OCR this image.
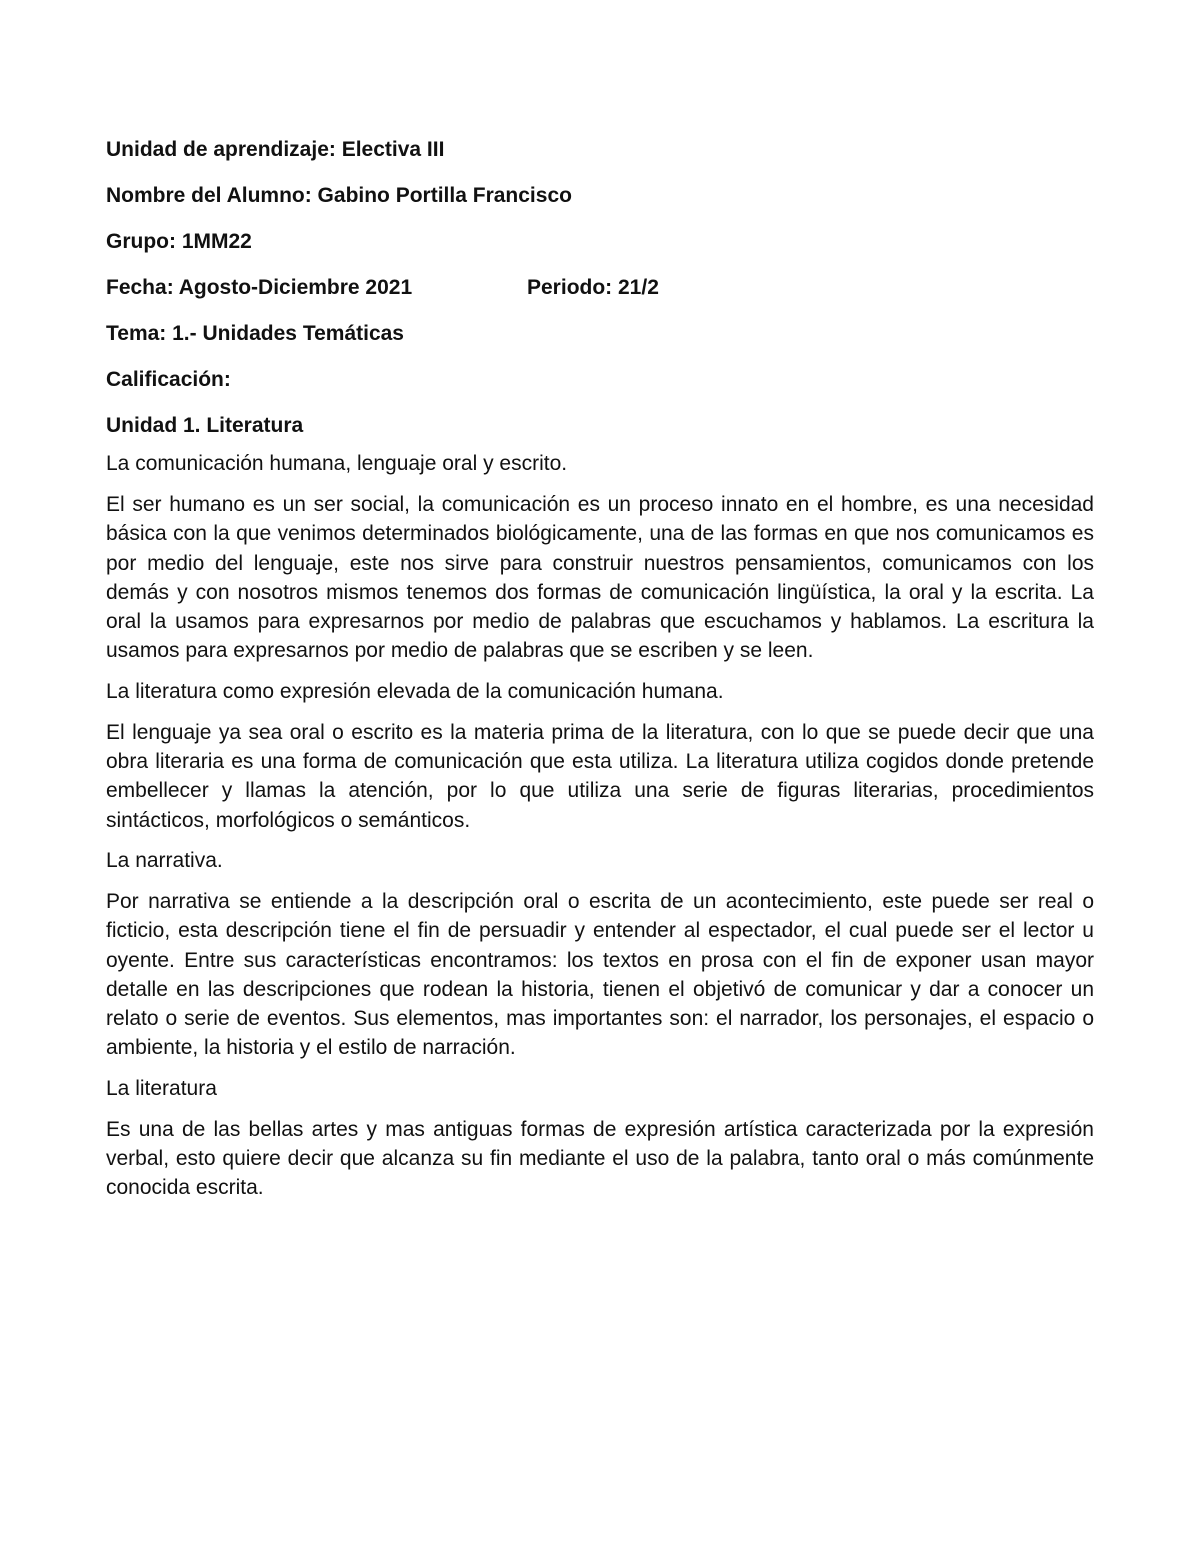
Unidad de aprendizaje: Electiva III
Nombre del Alumno: Gabino Portilla Francisco
Grupo: 1MM22
Fecha: Agosto-Diciembre 2021	Periodo: 21/2
Tema: 1.- Unidades Temáticas
Calificación:
Unidad 1. Literatura
La comunicación humana, lenguaje oral y escrito.

El ser humano es un ser social, la comunicación es un proceso innato en el hombre, es una necesidad básica con la que venimos determinados biológicamente, una de las formas en que nos comunicamos es por medio del lenguaje, este nos sirve para construir nuestros pensamientos, comunicamos con los demás y con nosotros mismos tenemos dos formas de comunicación lingüística, la oral y la escrita. La oral la usamos para expresarnos por medio de palabras que escuchamos y hablamos. La escritura la usamos para expresarnos por medio de palabras que se escriben y se leen.

La literatura como expresión elevada de la comunicación humana.

El lenguaje ya sea oral o escrito es la materia prima de la literatura, con lo que se puede decir que una obra literaria es una forma de comunicación que esta utiliza. La literatura utiliza cogidos donde pretende embellecer y llamas la atención, por lo que utiliza una serie de figuras literarias, procedimientos sintácticos, morfológicos o semánticos.

La narrativa.

Por narrativa se entiende a la descripción oral o escrita de un acontecimiento, este puede ser real o ficticio, esta descripción tiene el fin de persuadir y entender al espectador, el cual puede ser el lector u oyente. Entre sus características encontramos: los textos en prosa con el fin de exponer usan mayor detalle en las descripciones que rodean la historia, tienen el objetivó de comunicar y dar a conocer un relato o serie de eventos. Sus elementos, mas importantes son: el narrador, los personajes, el espacio o ambiente, la historia y el estilo de narración.

La literatura

Es una de las bellas artes y mas antiguas formas de expresión artística caracterizada por la expresión verbal, esto quiere decir que alcanza su fin mediante el uso de la palabra, tanto oral o más comúnmente conocida escrita.
